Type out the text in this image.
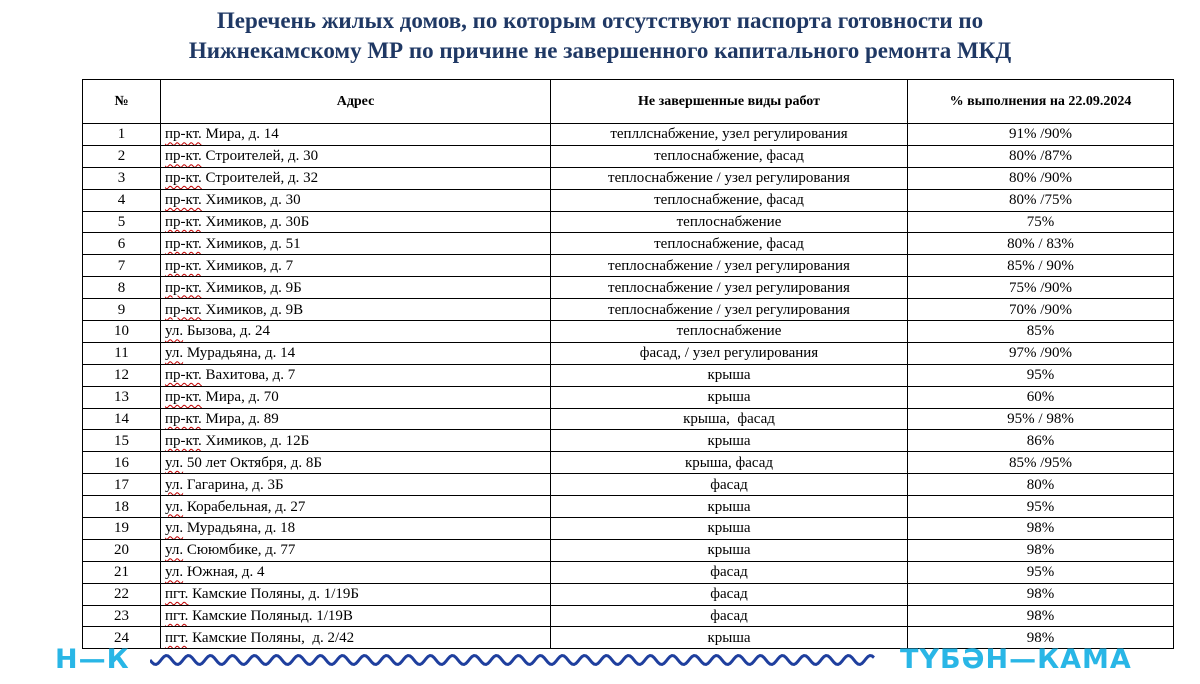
Перечень жилых домов, по которым отсутствуют паспорта готовности по
Нижнекамскому МР по причине не завершенного капитального ремонта МКД
№	Адрес	Не завершенные виды работ	% выполнения на 22.09.2024
1	пр-кт. Мира, д. 14	тепллснабжение, узел регулирования	91% /90%
2	пр-кт. Строителей, д. 30	теплоснабжение, фасад	80% /87%
3	пр-кт. Строителей, д. 32	теплоснабжение / узел регулирования	80% /90%
4	пр-кт. Химиков, д. 30	теплоснабжение, фасад	80% /75%
5	пр-кт. Химиков, д. 30Б	теплоснабжение	75%
6	пр-кт. Химиков, д. 51	теплоснабжение, фасад	80% / 83%
7	пр-кт. Химиков, д. 7	теплоснабжение / узел регулирования	85% / 90%
8	пр-кт. Химиков, д. 9Б	теплоснабжение / узел регулирования	75% /90%
9	пр-кт. Химиков, д. 9В	теплоснабжение / узел регулирования	70% /90%
10	ул. Бызова, д. 24	теплоснабжение	85%
11	ул. Мурадьяна, д. 14	фасад, / узел регулирования	97% /90%
12	пр-кт. Вахитова, д. 7	крыша	95%
13	пр-кт. Мира, д. 70	крыша	60%
14	пр-кт. Мира, д. 89	крыша,  фасад	95% / 98%
15	пр-кт. Химиков, д. 12Б	крыша	86%
16	ул. 50 лет Октября, д. 8Б	крыша, фасад	85% /95%
17	ул. Гагарина, д. 3Б	фасад	80%
18	ул. Корабельная, д. 27	крыша	95%
19	ул. Мурадьяна, д. 18	крыша	98%
20	ул. Сююмбике, д. 77	крыша	98%
21	ул. Южная, д. 4	фасад	95%
22	пгт. Камские Поляны, д. 1/19Б	фасад	98%
23	пгт. Камские Поляныд. 1/19В	фасад	98%
24	пгт. Камские Поляны,  д. 2/42	крыша	98%
Н—К	ТҮБӘН—КАМА
